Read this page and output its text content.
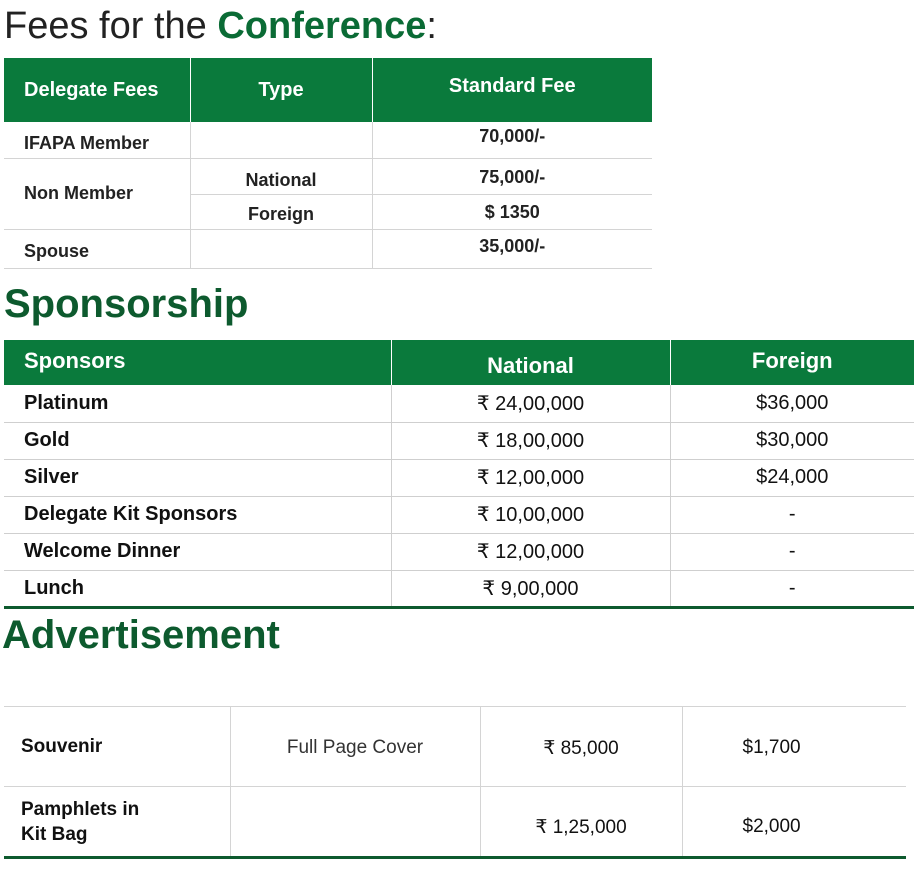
Fees for the Conference:
Delegate Fees	Type	Standard Fee
IFAPA Member		70,000/-
Non Member	National	75,000/-
	Foreign	$ 1350
Spouse		35,000/-
Sponsorship
Sponsors	National	Foreign
Platinum	₹ 24,00,000	$36,000
Gold	₹ 18,00,000	$30,000
Silver	₹ 12,00,000	$24,000
Delegate Kit Sponsors	₹ 10,00,000	-
Welcome Dinner	₹ 12,00,000	-
Lunch	₹ 9,00,000	-
Advertisement
Souvenir	Full Page Cover	₹ 85,000	$1,700

Pamphlets in
Kit Bag		₹ 1,25,000	$2,000
